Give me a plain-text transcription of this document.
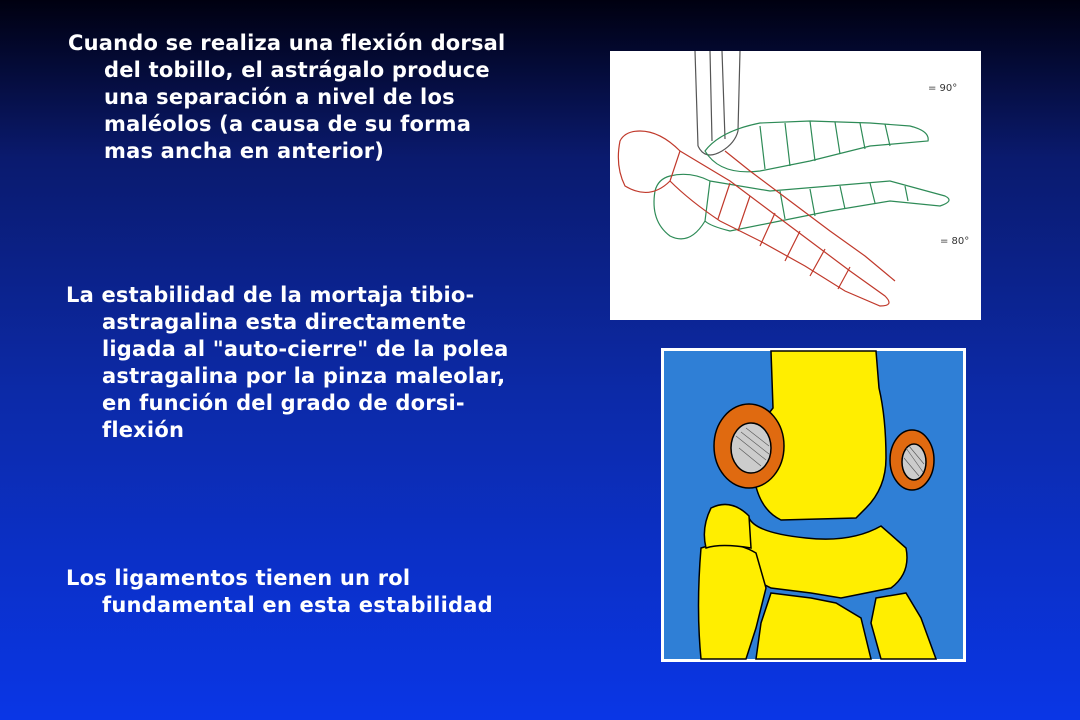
Cuando se realiza una flexión dorsal
del tobillo, el astrágalo produce
una separación a nivel de los
maléolos (a causa de su forma
mas ancha en anterior)
La estabilidad de la mortaja tibio-
astragalina esta directamente
ligada al "auto-cierre" de la polea
astragalina por la pinza maleolar,
en función del grado de dorsi-
flexión
Los ligamentos tienen un rol
fundamental en esta estabilidad
= 90°
= 80°
